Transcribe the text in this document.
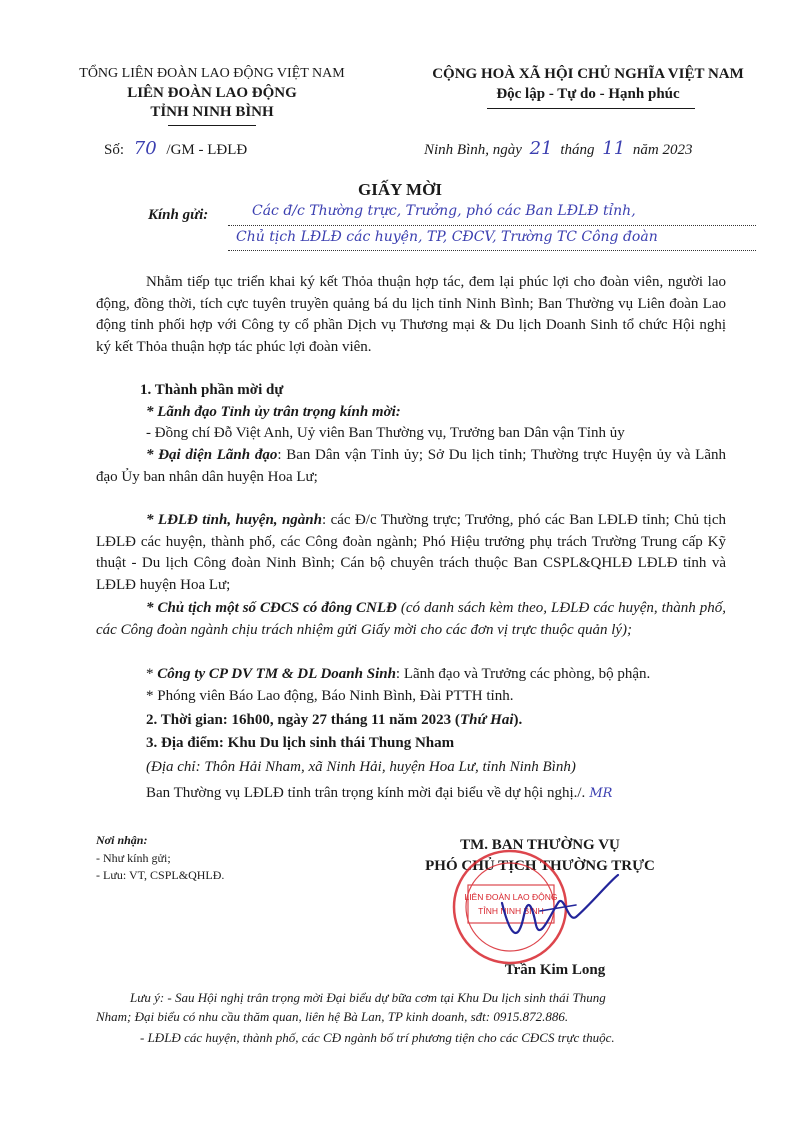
TỔNG LIÊN ĐOÀN LAO ĐỘNG VIỆT NAM
LIÊN ĐOÀN LAO ĐỘNG
TỈNH NINH BÌNH
Số: 70 /GM - LĐLĐ
CỘNG HOÀ XÃ HỘI CHỦ NGHĨA VIỆT NAM
Độc lập - Tự do - Hạnh phúc
Ninh Bình, ngày 21 tháng 11 năm 2023
GIẤY MỜI
Kính gửi:	Các đ/c Thường trực, Trưởng, phó các Ban LĐLĐ tỉnh,
Chủ tịch LĐLĐ các huyện, TP, CĐCV, Trường TC Công đoàn
Nhằm tiếp tục triển khai ký kết Thỏa thuận hợp tác, đem lại phúc lợi cho đoàn viên, người lao động, đồng thời, tích cực tuyên truyền quảng bá du lịch tỉnh Ninh Bình; Ban Thường vụ Liên đoàn Lao động tỉnh phối hợp với Công ty cổ phần Dịch vụ Thương mại & Du lịch Doanh Sinh tổ chức Hội nghị ký kết Thỏa thuận hợp tác phúc lợi đoàn viên.
1. Thành phần mời dự
* Lãnh đạo Tỉnh ủy trân trọng kính mời:
- Đồng chí Đỗ Việt Anh, Uỷ viên Ban Thường vụ, Trưởng ban Dân vận Tỉnh ủy
* Đại diện Lãnh đạo: Ban Dân vận Tỉnh ủy; Sở Du lịch tỉnh; Thường trực Huyện ủy và Lãnh đạo Ủy ban nhân dân huyện Hoa Lư;
* LĐLĐ tỉnh, huyện, ngành: các Đ/c Thường trực; Trưởng, phó các Ban LĐLĐ tỉnh; Chủ tịch LĐLĐ các huyện, thành phố, các Công đoàn ngành; Phó Hiệu trưởng phụ trách Trường Trung cấp Kỹ thuật - Du lịch Công đoàn Ninh Bình; Cán bộ chuyên trách thuộc Ban CSPL&QHLĐ LĐLĐ tỉnh và LĐLĐ huyện Hoa Lư;
* Chủ tịch một số CĐCS có đông CNLĐ (có danh sách kèm theo, LĐLĐ các huyện, thành phố, các Công đoàn ngành chịu trách nhiệm gửi Giấy mời cho các đơn vị trực thuộc quản lý);
* Công ty CP DV TM & DL Doanh Sinh: Lãnh đạo và Trưởng các phòng, bộ phận.
* Phóng viên Báo Lao động, Báo Ninh Bình, Đài PTTH tỉnh.
2. Thời gian: 16h00, ngày 27 tháng 11 năm 2023 (Thứ Hai).
3. Địa điểm: Khu Du lịch sinh thái Thung Nham
(Địa chỉ: Thôn Hải Nham, xã Ninh Hải, huyện Hoa Lư, tỉnh Ninh Bình)
Ban Thường vụ LĐLĐ tỉnh trân trọng kính mời đại biểu về dự hội nghị./. MR
Nơi nhận:
- Như kính gửi;
- Lưu: VT, CSPL&QHLĐ.
TM. BAN THƯỜNG VỤ
PHÓ CHỦ TỊCH THƯỜNG TRỰC
LIÊN ĐOÀN LAO ĐỘNG
TỈNH NINH BÌNH
Trần Kim Long
Lưu ý: - Sau Hội nghị trân trọng mời Đại biểu dự bữa cơm tại Khu Du lịch sinh thái Thung
Nham; Đại biểu có nhu cầu thăm quan, liên hệ Bà Lan, TP kinh doanh, sđt: 0915.872.886.
- LĐLĐ các huyện, thành phố, các CĐ ngành bố trí phương tiện cho các CĐCS trực thuộc.
